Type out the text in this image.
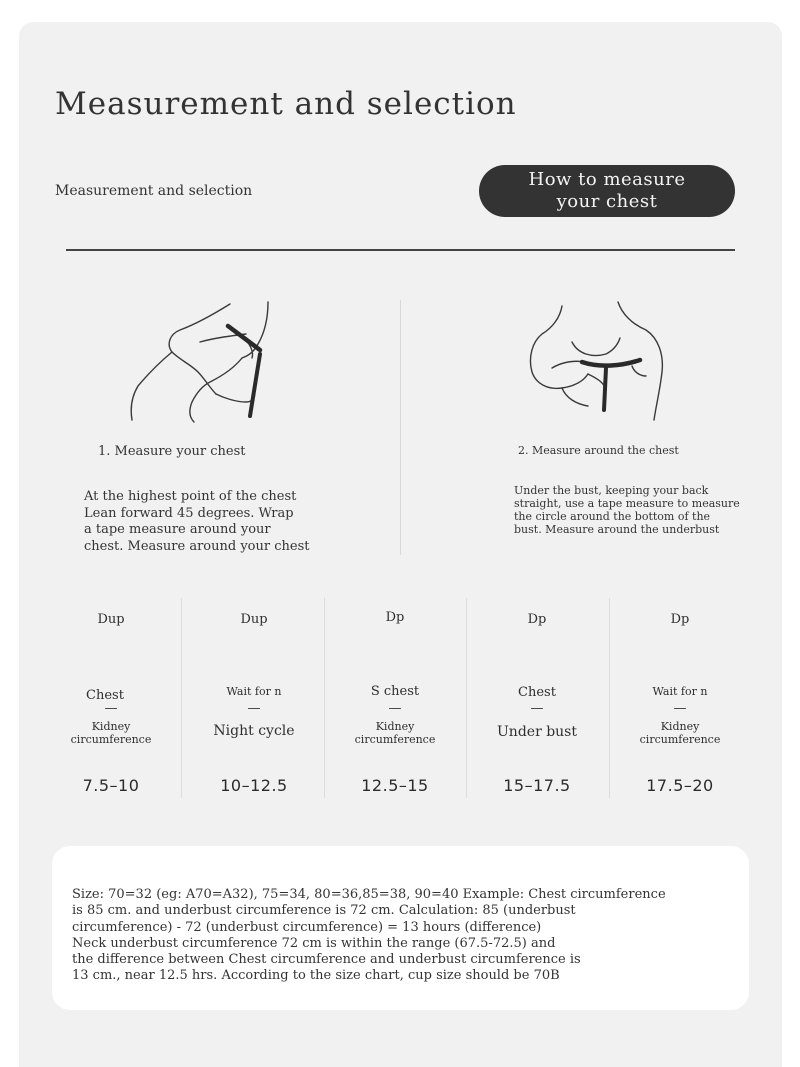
Measurement and selection
Measurement and selection
How to measure
your chest
1. Measure your chest
At the highest point of the chest
Lean forward 45 degrees. Wrap
a tape measure around your
chest. Measure around your chest
2. Measure around the chest
Under the bust, keeping your back
straight, use a tape measure to measure
the circle around the bottom of the
bust. Measure around the underbust
Dup
Chest
—
Kidney
circumference
7.5–10
Dup
Wait for n
—
Night cycle
10–12.5
Dp
S chest
—
Kidney
circumference
12.5–15
Dp
Chest
—
Under bust
15–17.5
Dp
Wait for n
—
Kidney
circumference
17.5–20
Size: 70=32 (eg: A70=A32), 75=34, 80=36,85=38, 90=40 Example: Chest circumference
is 85 cm. and underbust circumference is 72 cm. Calculation: 85 (underbust
circumference) - 72 (underbust circumference) = 13 hours (difference)
Neck underbust circumference 72 cm is within the range (67.5-72.5) and
the difference between Chest circumference and underbust circumference is
13 cm., near 12.5 hrs. According to the size chart, cup size should be 70B
